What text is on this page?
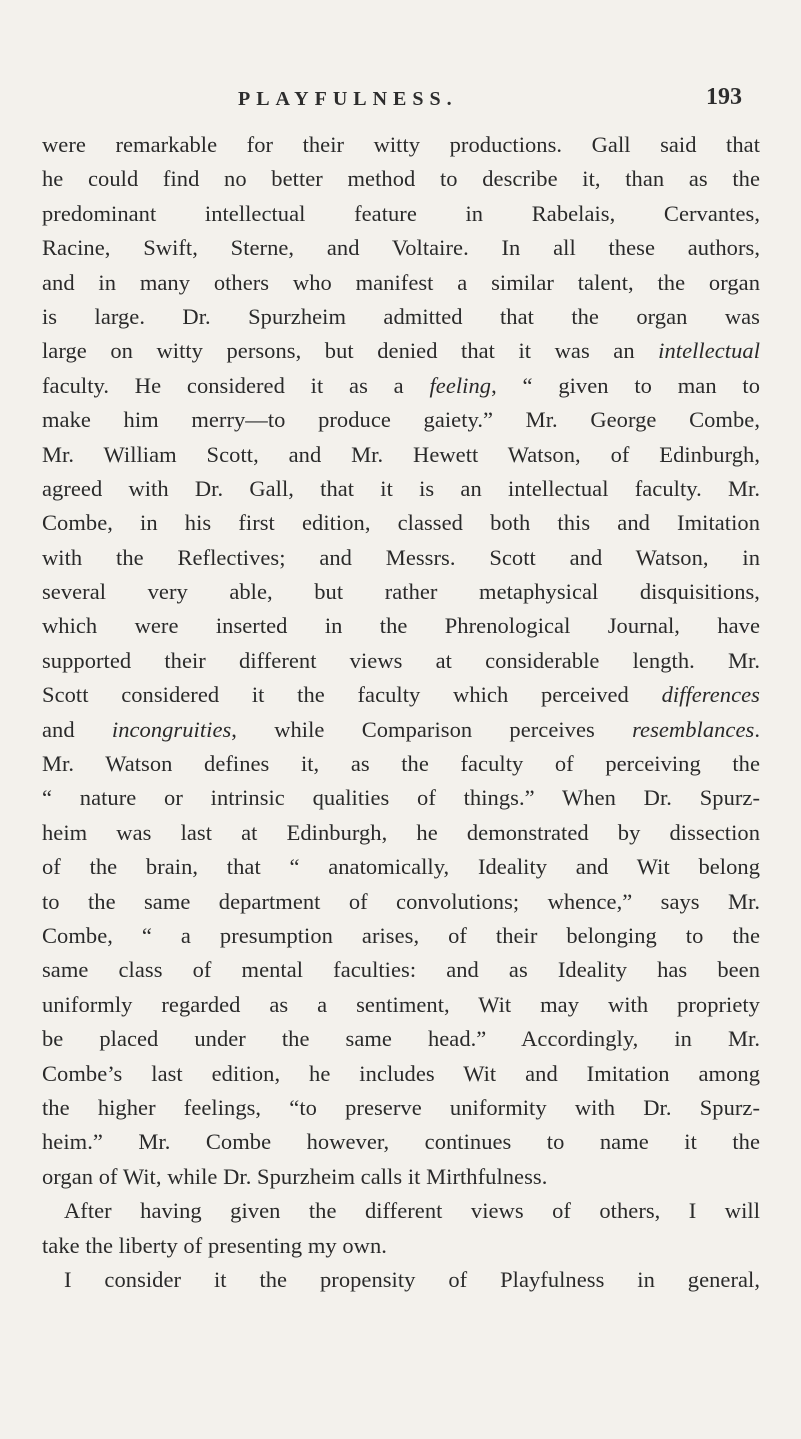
PLAYFULNESS.	193
were remarkable for their witty productions. Gall said that
he could find no better method to describe it, than as the
predominant intellectual feature in Rabelais, Cervantes,
Racine, Swift, Sterne, and Voltaire. In all these authors,
and in many others who manifest a similar talent, the organ
is large. Dr. Spurzheim admitted that the organ was
large on witty persons, but denied that it was an intellectual
faculty. He considered it as a feeling, “ given to man to
make him merry—to produce gaiety.” Mr. George Combe,
Mr. William Scott, and Mr. Hewett Watson, of Edinburgh,
agreed with Dr. Gall, that it is an intellectual faculty. Mr.
Combe, in his first edition, classed both this and Imitation
with the Reflectives; and Messrs. Scott and Watson, in
several very able, but rather metaphysical disquisitions,
which were inserted in the Phrenological Journal, have
supported their different views at considerable length. Mr.
Scott considered it the faculty which perceived differences
and incongruities, while Comparison perceives resemblances.
Mr. Watson defines it, as the faculty of perceiving the
“ nature or intrinsic qualities of things.” When Dr. Spurz-
heim was last at Edinburgh, he demonstrated by dissection
of the brain, that “ anatomically, Ideality and Wit belong
to the same department of convolutions; whence,” says Mr.
Combe, “ a presumption arises, of their belonging to the
same class of mental faculties: and as Ideality has been
uniformly regarded as a sentiment, Wit may with propriety
be placed under the same head.” Accordingly, in Mr.
Combe’s last edition, he includes Wit and Imitation among
the higher feelings, “to preserve uniformity with Dr. Spurz-
heim.” Mr. Combe however, continues to name it the
organ of Wit, while Dr. Spurzheim calls it Mirthfulness.
After having given the different views of others, I will
take the liberty of presenting my own.
I consider it the propensity of Playfulness in general,
